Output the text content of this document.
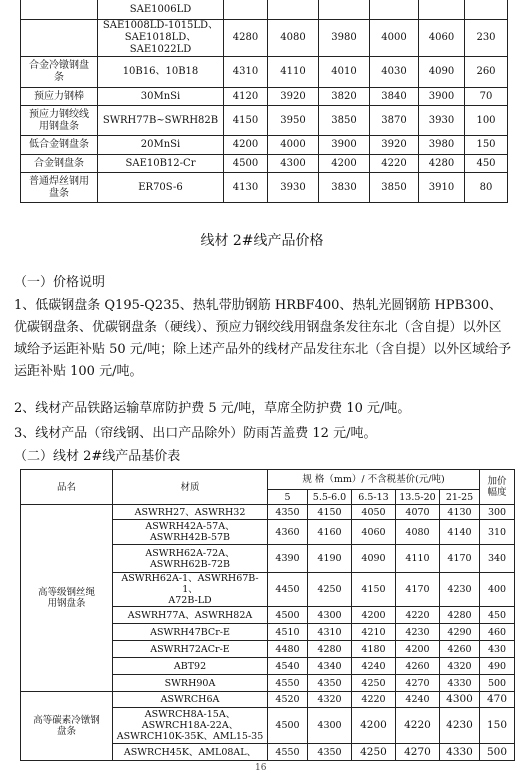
	SAE1006LD						
	SAE1008LD-1015LD、
SAE1018LD、SAE1022LD	4280	4080	3980	4000	4060	230
合金冷镦钢盘
条	10B16、10B18	4310	4110	4010	4030	4090	260
预应力钢棒	30MnSi	4120	3920	3820	3840	3900	70
预应力钢绞线
用钢盘条	SWRH77B~SWRH82B	4150	3950	3850	3870	3930	100
低合金钢盘条	20MnSi	4200	4000	3900	3920	3980	150
合金钢盘条	SAE10B12-Cr	4500	4300	4200	4220	4280	450
普通焊丝钢用
盘条	ER70S-6	4130	3930	3830	3850	3910	80
线材 2#线产品价格
（一）价格说明
1、低碳钢盘条 Q195-Q235、热轧带肋钢筋 HRBF400、热轧光圆钢筋 HPB300、优碳钢盘条、优碳钢盘条（硬线）、预应力钢绞线用钢盘条发往东北（含自提）以外区域给予运距补贴 50 元/吨；除上述产品外的线材产品发往东北（含自提）以外区域给予运距补贴 100 元/吨。
2、线材产品铁路运输草席防护费 5 元/吨，草席全防护费 10 元/吨。
3、线材产品（帘线钢、出口产品除外）防雨苫盖费 12 元/吨。
（二）线材 2#线产品基价表
品名	材质	规 格（mm）/ 不含税基价(元/吨)					加价
幅度
		5	5.5-6.0	6.5-13	13.5-20	21-25	
高等级钢丝绳
用钢盘条	ASWRH27、ASWRH32	4350	4150	4050	4070	4130	300
	ASWRH42A-57A、
ASWRH42B-57B	4360	4160	4060	4080	4140	310
	ASWRH62A-72A、
ASWRH62B-72B	4390	4190	4090	4110	4170	340
	ASWRH62A-1、ASWRH67B-1、
A72B-LD	4450	4250	4150	4170	4230	400
	ASWRH77A、ASWRH82A	4500	4300	4200	4220	4280	450
	ASWRH47BCr-E	4510	4310	4210	4230	4290	460
	ASWRH72ACr-E	4480	4280	4180	4200	4260	430
	ABT92	4540	4340	4240	4260	4320	490
	SWRH90A	4550	4350	4250	4270	4330	500
高等碳素冷镦钢
盘条	ASWRCH6A	4520	4320	4220	4240	4300	470
	ASWRCH8A-15A、
ASWRCH18A-22A、
ASWRCH10K-35K、AML15-35	4500	4300	4200	4220	4230	150
	ASWRCH45K、AML08AL、	4550	4350	4250	4270	4330	500
16
